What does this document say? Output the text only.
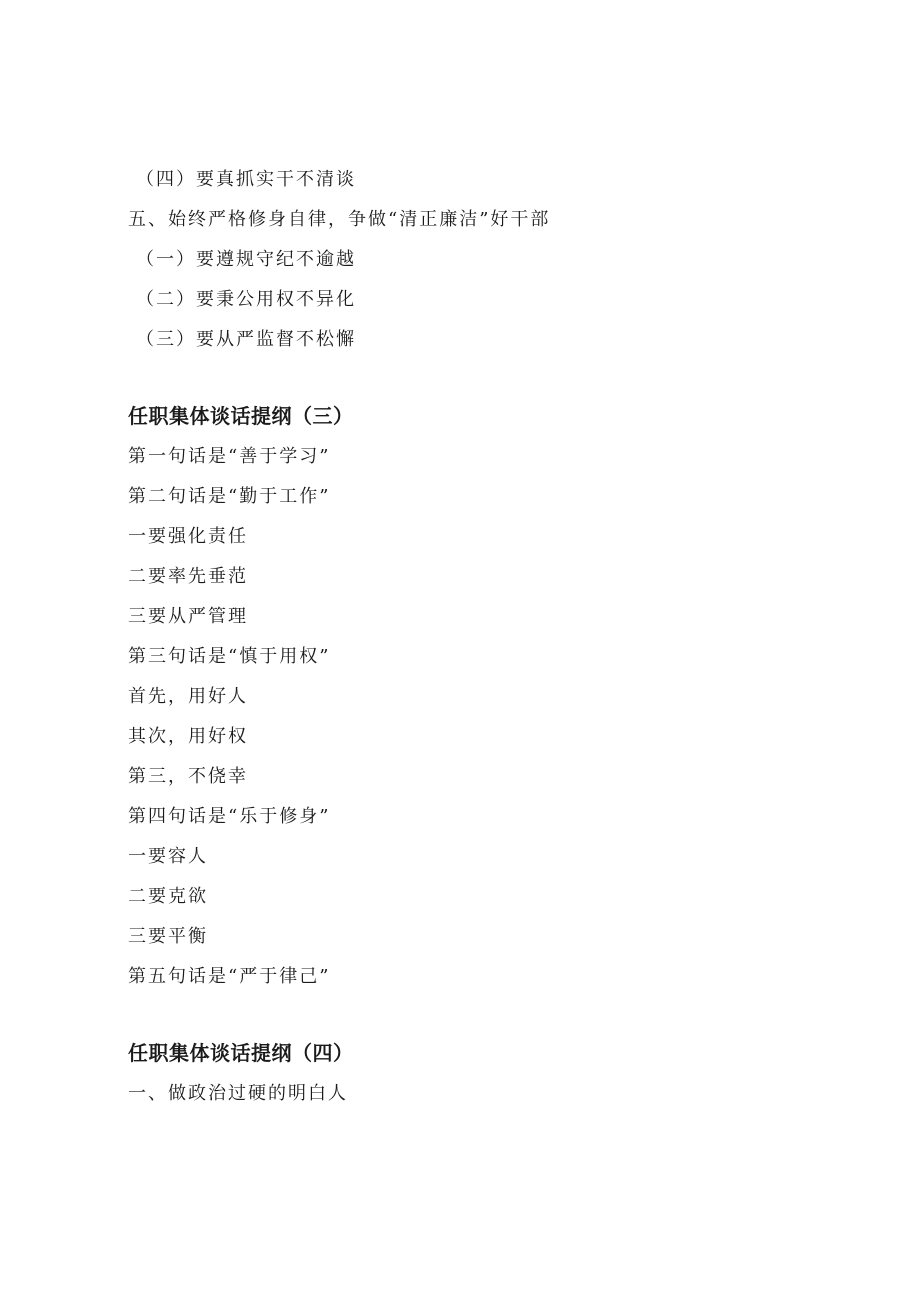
（四）要真抓实干不清谈
五、始终严格修身自律，争做“清正廉洁”好干部
（一）要遵规守纪不逾越
（二）要秉公用权不异化
（三）要从严监督不松懈
任职集体谈话提纲（三）
第一句话是“善于学习”
第二句话是“勤于工作”
一要强化责任
二要率先垂范
三要从严管理
第三句话是“慎于用权”
首先，用好人
其次，用好权
第三，不侥幸
第四句话是“乐于修身”
一要容人
二要克欲
三要平衡
第五句话是“严于律己”
任职集体谈话提纲（四）
一、做政治过硬的明白人
